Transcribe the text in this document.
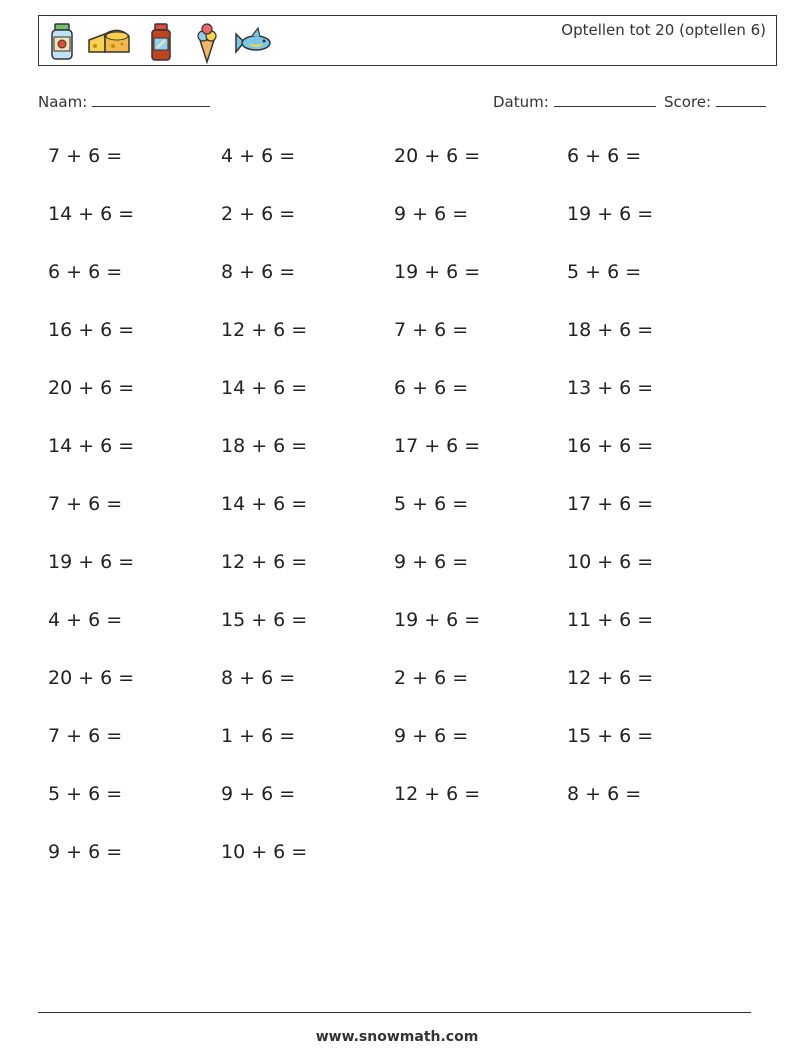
Optellen tot 20 (optellen 6)
Naam:	Datum:	Score:
7 + 6 =	4 + 6 =	20 + 6 =	6 + 6 =
14 + 6 =	2 + 6 =	9 + 6 =	19 + 6 =
6 + 6 =	8 + 6 =	19 + 6 =	5 + 6 =
16 + 6 =	12 + 6 =	7 + 6 =	18 + 6 =
20 + 6 =	14 + 6 =	6 + 6 =	13 + 6 =
14 + 6 =	18 + 6 =	17 + 6 =	16 + 6 =
7 + 6 =	14 + 6 =	5 + 6 =	17 + 6 =
19 + 6 =	12 + 6 =	9 + 6 =	10 + 6 =
4 + 6 =	15 + 6 =	19 + 6 =	11 + 6 =
20 + 6 =	8 + 6 =	2 + 6 =	12 + 6 =
7 + 6 =	1 + 6 =	9 + 6 =	15 + 6 =
5 + 6 =	9 + 6 =	12 + 6 =	8 + 6 =
9 + 6 =	10 + 6 =
www.snowmath.com
